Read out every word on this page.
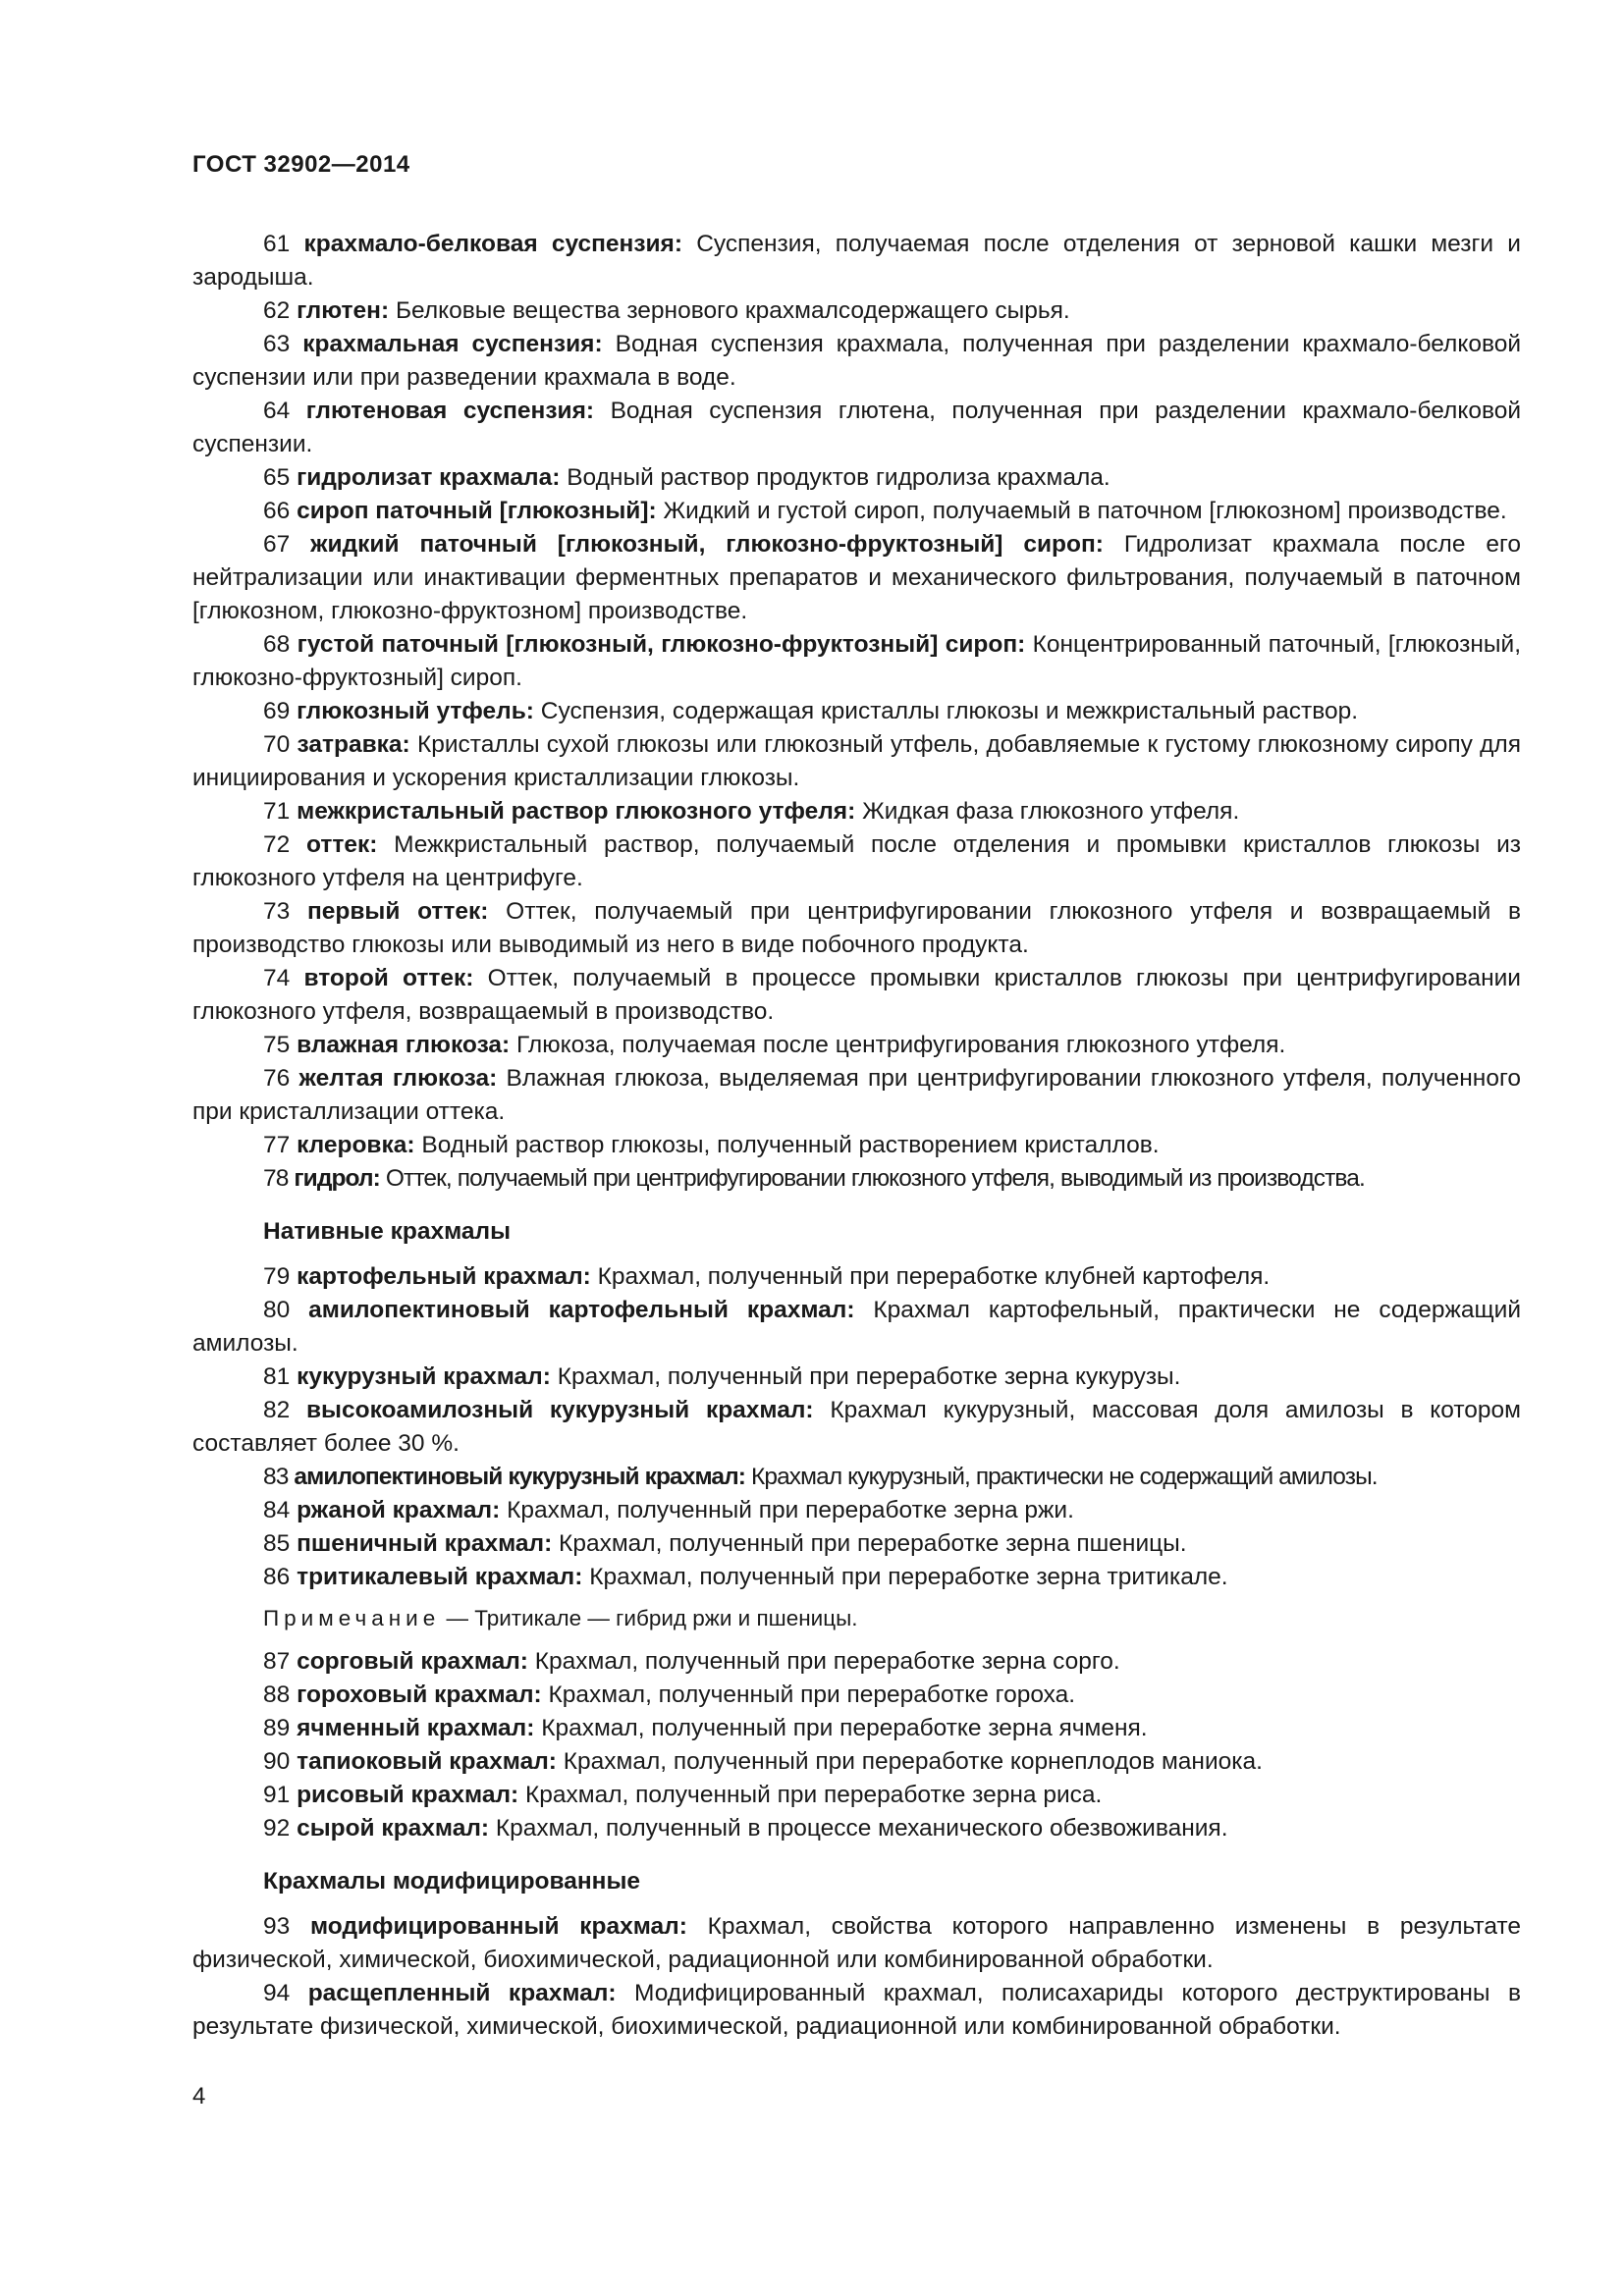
ГОСТ 32902—2014

61 крахмало-белковая суспензия: Суспензия, получаемая после отделения от зерновой кашки мезги и зародыша.

62 глютен: Белковые вещества зернового крахмалсодержащего сырья.

63 крахмальная суспензия: Водная суспензия крахмала, полученная при разделении крахмало-белковой суспензии или при разведении крахмала в воде.

64 глютеновая суспензия: Водная суспензия глютена, полученная при разделении крахмало-белковой суспензии.

65 гидролизат крахмала: Водный раствор продуктов гидролиза крахмала.

66 сироп паточный [глюкозный]: Жидкий и густой сироп, получаемый в паточном [глюкозном] производстве.

67 жидкий паточный [глюкозный, глюкозно-фруктозный] сироп: Гидролизат крахмала после его нейтрализации или инактивации ферментных препаратов и механического фильтрования, получаемый в паточном [глюкозном, глюкозно-фруктозном] производстве.

68 густой паточный [глюкозный, глюкозно-фруктозный] сироп: Концентрированный паточный, [глюкозный, глюкозно-фруктозный] сироп.

69 глюкозный утфель: Суспензия, содержащая кристаллы глюкозы и межкристальный раствор.

70 затравка: Кристаллы сухой глюкозы или глюкозный утфель, добавляемые к густому глюкозному сиропу для инициирования и ускорения кристаллизации глюкозы.

71 межкристальный раствор глюкозного утфеля: Жидкая фаза глюкозного утфеля.

72 оттек: Межкристальный раствор, получаемый после отделения и промывки кристаллов глюкозы из глюкозного утфеля на центрифуге.

73 первый оттек: Оттек, получаемый при центрифугировании глюкозного утфеля и возвращаемый в производство глюкозы или выводимый из него в виде побочного продукта.

74 второй оттек: Оттек, получаемый в процессе промывки кристаллов глюкозы при центрифугировании глюкозного утфеля, возвращаемый в производство.

75 влажная глюкоза: Глюкоза, получаемая после центрифугирования глюкозного утфеля.

76 желтая глюкоза: Влажная глюкоза, выделяемая при центрифугировании глюкозного утфеля, полученного при кристаллизации оттека.

77 клеровка: Водный раствор глюкозы, полученный растворением кристаллов.

78 гидрол: Оттек, получаемый при центрифугировании глюкозного утфеля, выводимый из производства.

Нативные крахмалы

79 картофельный крахмал: Крахмал, полученный при переработке клубней картофеля.

80 амилопектиновый картофельный крахмал: Крахмал картофельный, практически не содержащий амилозы.

81 кукурузный крахмал: Крахмал, полученный при переработке зерна кукурузы.

82 высокоамилозный кукурузный крахмал: Крахмал кукурузный, массовая доля амилозы в котором составляет более 30 %.

83 амилопектиновый кукурузный крахмал: Крахмал кукурузный, практически не содержащий амилозы.

84 ржаной крахмал: Крахмал, полученный при переработке зерна ржи.

85 пшеничный крахмал: Крахмал, полученный при переработке зерна пшеницы.

86 тритикалевый крахмал: Крахмал, полученный при переработке зерна тритикале.

Примечание — Тритикале — гибрид ржи и пшеницы.

87 сорговый крахмал: Крахмал, полученный при переработке зерна сорго.

88 гороховый крахмал: Крахмал, полученный при переработке гороха.

89 ячменный крахмал: Крахмал, полученный при переработке зерна ячменя.

90 тапиоковый крахмал: Крахмал, полученный при переработке корнеплодов маниока.

91 рисовый крахмал: Крахмал, полученный при переработке зерна риса.

92 сырой крахмал: Крахмал, полученный в процессе механического обезвоживания.

Крахмалы модифицированные

93 модифицированный крахмал: Крахмал, свойства которого направленно изменены в результате физической, химической, биохимической, радиационной или комбинированной обработки.

94 расщепленный крахмал: Модифицированный крахмал, полисахариды которого деструктированы в результате физической, химической, биохимической, радиационной или комбинированной обработки.

4
